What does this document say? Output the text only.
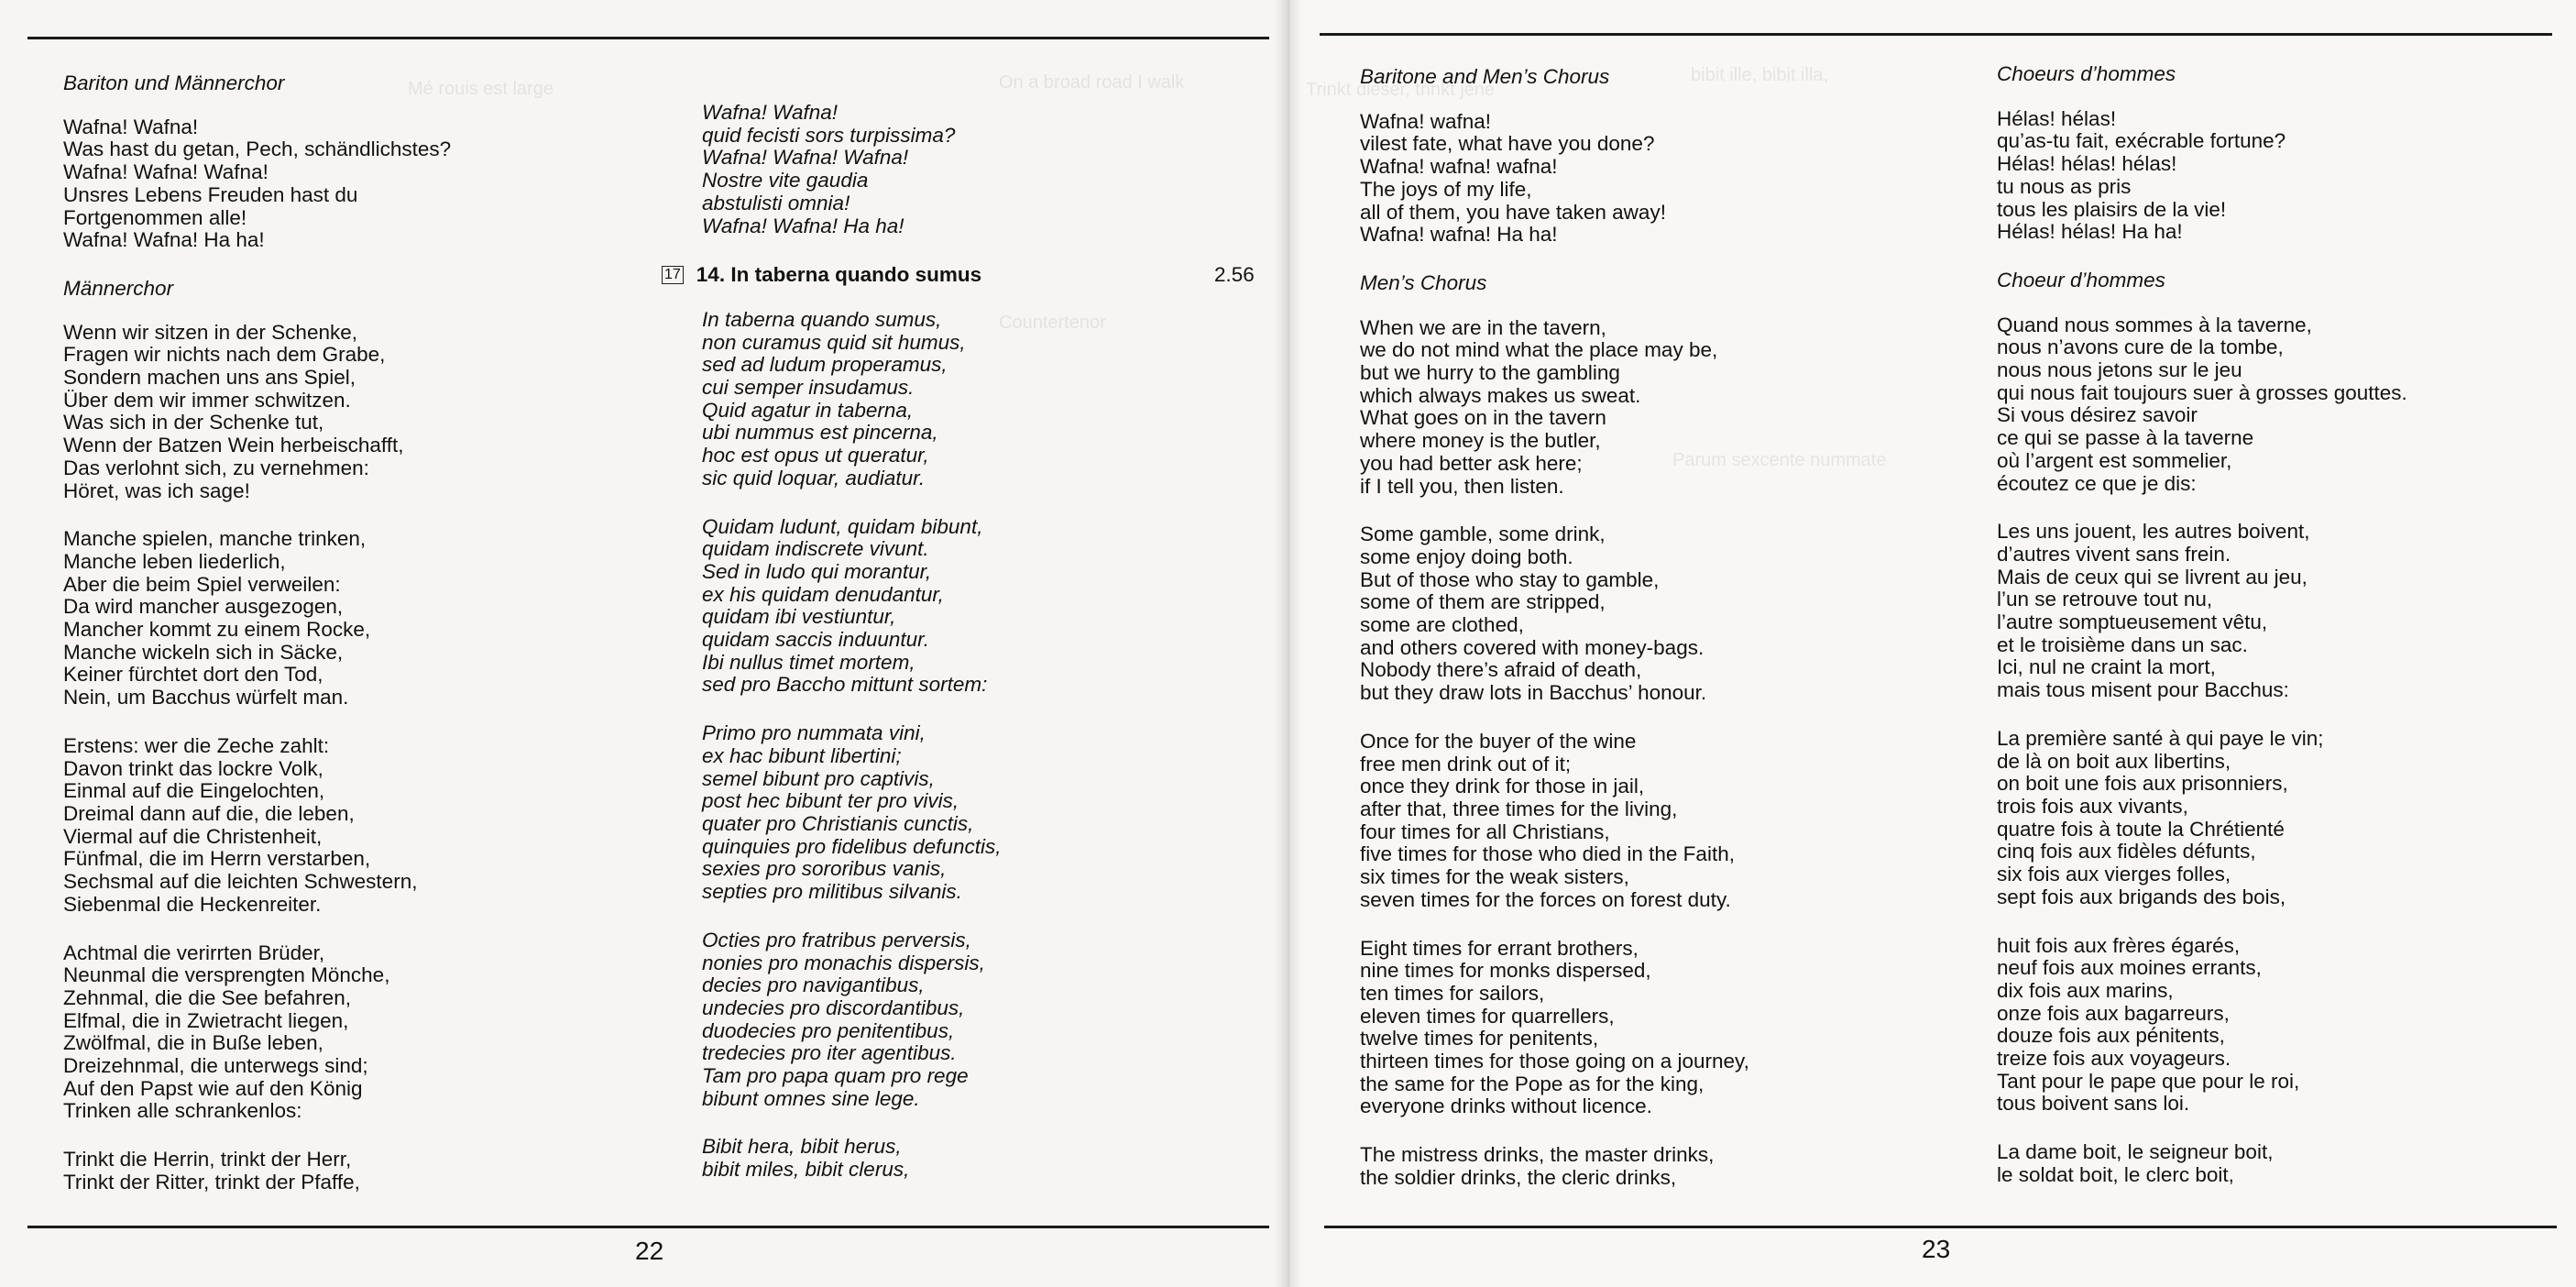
Mé rouis est large	On a broad road I walk
Countertenor
Bariton und Männerchor
Wafna! Wafna!
Was hast du getan, Pech, schändlichstes?
Wafna! Wafna! Wafna!
Unsres Lebens Freuden hast du
Fortgenommen alle!
Wafna! Wafna! Ha ha!
Männerchor
Wenn wir sitzen in der Schenke,
Fragen wir nichts nach dem Grabe,
Sondern machen uns ans Spiel,
Über dem wir immer schwitzen.
Was sich in der Schenke tut,
Wenn der Batzen Wein herbeischafft,
Das verlohnt sich, zu vernehmen:
Höret, was ich sage!
Manche spielen, manche trinken,
Manche leben liederlich,
Aber die beim Spiel verweilen:
Da wird mancher ausgezogen,
Mancher kommt zu einem Rocke,
Manche wickeln sich in Säcke,
Keiner fürchtet dort den Tod,
Nein, um Bacchus würfelt man.
Erstens: wer die Zeche zahlt:
Davon trinkt das lockre Volk,
Einmal auf die Eingelochten,
Dreimal dann auf die, die leben,
Viermal auf die Christenheit,
Fünfmal, die im Herrn verstarben,
Sechsmal auf die leichten Schwestern,
Siebenmal die Heckenreiter.
Achtmal die verirrten Brüder,
Neunmal die versprengten Mönche,
Zehnmal, die die See befahren,
Elfmal, die in Zwietracht liegen,
Zwölfmal, die in Buße leben,
Dreizehnmal, die unterwegs sind;
Auf den Papst wie auf den König
Trinken alle schrankenlos:
Trinkt die Herrin, trinkt der Herr,
Trinkt der Ritter, trinkt der Pfaffe,
Wafna! Wafna!
quid fecisti sors turpissima?
Wafna! Wafna! Wafna!
Nostre vite gaudia
abstulisti omnia!
Wafna! Wafna! Ha ha!
17 14. In taberna quando sumus	2.56
In taberna quando sumus,
non curamus quid sit humus,
sed ad ludum properamus,
cui semper insudamus.
Quid agatur in taberna,
ubi nummus est pincerna,
hoc est opus ut queratur,
sic quid loquar, audiatur.
Quidam ludunt, quidam bibunt,
quidam indiscrete vivunt.
Sed in ludo qui morantur,
ex his quidam denudantur,
quidam ibi vestiuntur,
quidam saccis induuntur.
Ibi nullus timet mortem,
sed pro Baccho mittunt sortem:
Primo pro nummata vini,
ex hac bibunt libertini;
semel bibunt pro captivis,
post hec bibunt ter pro vivis,
quater pro Christianis cunctis,
quinquies pro fidelibus defunctis,
sexies pro sororibus vanis,
septies pro militibus silvanis.
Octies pro fratribus perversis,
nonies pro monachis dispersis,
decies pro navigantibus,
undecies pro discordantibus,
duodecies pro penitentibus,
tredecies pro iter agentibus.
Tam pro papa quam pro rege
bibunt omnes sine lege.
Bibit hera, bibit herus,
bibit miles, bibit clerus,
22
bibit ille, bibit illa,
Parum sexcente nummate
Trinkt dieser, trinkt jene
Baritone and Men’s Chorus
Wafna! wafna!
vilest fate, what have you done?
Wafna! wafna! wafna!
The joys of my life,
all of them, you have taken away!
Wafna! wafna! Ha ha!
Men’s Chorus
When we are in the tavern,
we do not mind what the place may be,
but we hurry to the gambling
which always makes us sweat.
What goes on in the tavern
where money is the butler,
you had better ask here;
if I tell you, then listen.
Some gamble, some drink,
some enjoy doing both.
But of those who stay to gamble,
some of them are stripped,
some are clothed,
and others covered with money-bags.
Nobody there’s afraid of death,
but they draw lots in Bacchus’ honour.
Once for the buyer of the wine
free men drink out of it;
once they drink for those in jail,
after that, three times for the living,
four times for all Christians,
five times for those who died in the Faith,
six times for the weak sisters,
seven times for the forces on forest duty.
Eight times for errant brothers,
nine times for monks dispersed,
ten times for sailors,
eleven times for quarrellers,
twelve times for penitents,
thirteen times for those going on a journey,
the same for the Pope as for the king,
everyone drinks without licence.
The mistress drinks, the master drinks,
the soldier drinks, the cleric drinks,
Choeurs d’hommes
Hélas! hélas!
qu’as-tu fait, exécrable fortune?
Hélas! hélas! hélas!
tu nous as pris
tous les plaisirs de la vie!
Hélas! hélas! Ha ha!
Choeur d’hommes
Quand nous sommes à la taverne,
nous n’avons cure de la tombe,
nous nous jetons sur le jeu
qui nous fait toujours suer à grosses gouttes.
Si vous désirez savoir
ce qui se passe à la taverne
où l’argent est sommelier,
écoutez ce que je dis:
Les uns jouent, les autres boivent,
d’autres vivent sans frein.
Mais de ceux qui se livrent au jeu,
l’un se retrouve tout nu,
l’autre somptueusement vêtu,
et le troisième dans un sac.
Ici, nul ne craint la mort,
mais tous misent pour Bacchus:
La première santé à qui paye le vin;
de là on boit aux libertins,
on boit une fois aux prisonniers,
trois fois aux vivants,
quatre fois à toute la Chrétienté
cinq fois aux fidèles défunts,
six fois aux vierges folles,
sept fois aux brigands des bois,
huit fois aux frères égarés,
neuf fois aux moines errants,
dix fois aux marins,
onze fois aux bagarreurs,
douze fois aux pénitents,
treize fois aux voyageurs.
Tant pour le pape que pour le roi,
tous boivent sans loi.
La dame boit, le seigneur boit,
le soldat boit, le clerc boit,
23
